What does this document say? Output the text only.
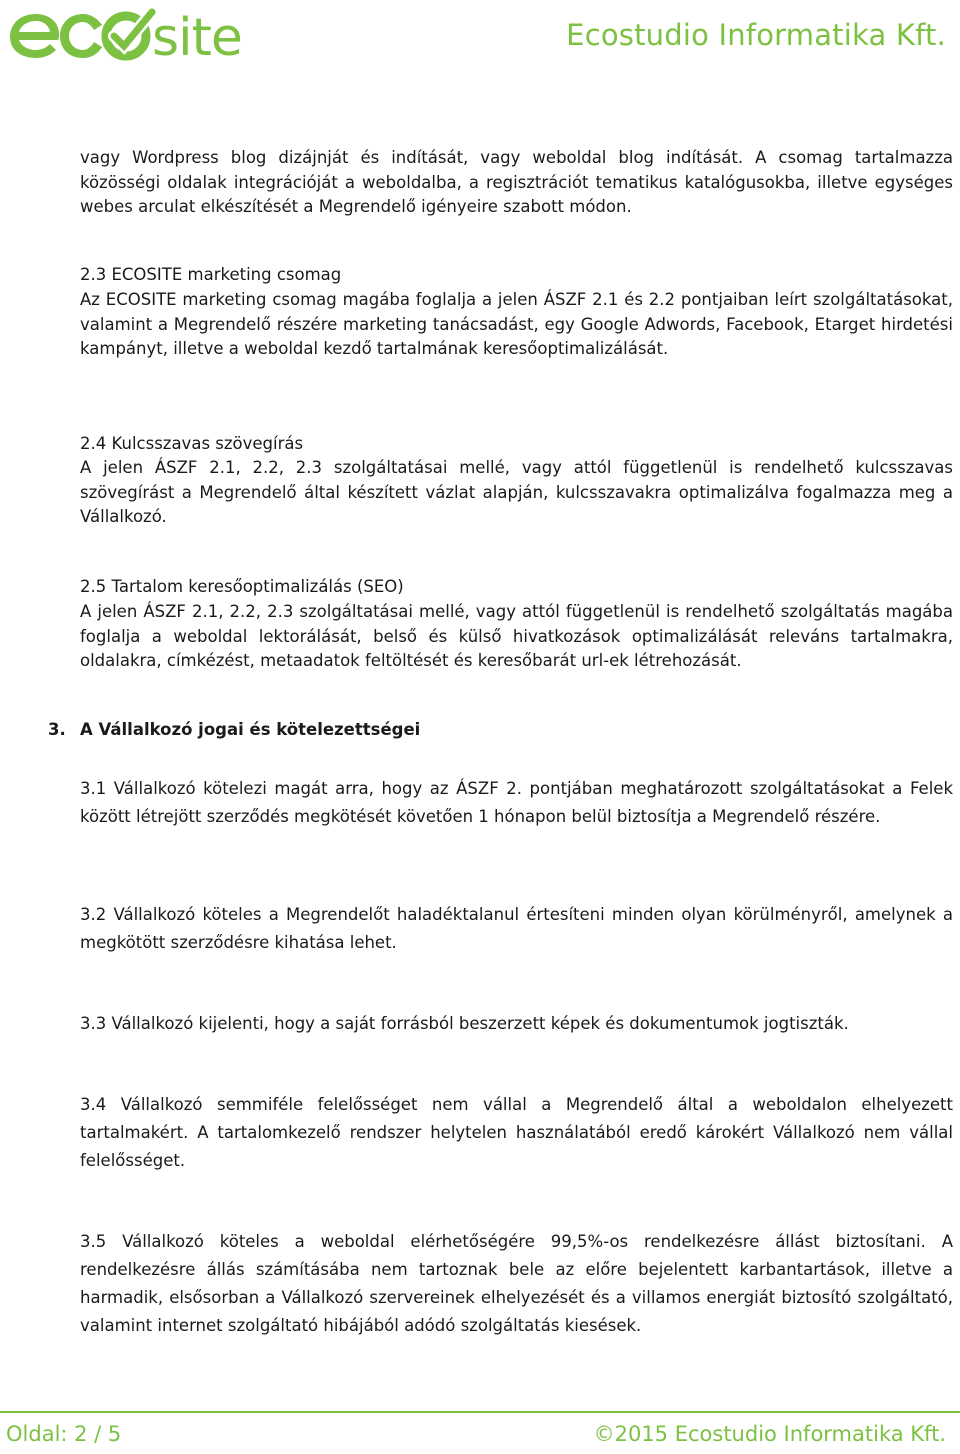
site	Ecostudio Informatika Kft.
vagy Wordpress blog dizájnját és indítását, vagy weboldal blog indítását. A csomag tartalmazza közösségi oldalak integrációját a weboldalba, a regisztrációt tematikus katalógusokba, illetve egységes webes arculat elkészítését a Megrendelő igényeire szabott módon.
2.3 ECOSITE marketing csomag
Az ECOSITE marketing csomag magába foglalja a jelen ÁSZF 2.1 és 2.2 pontjaiban leírt szolgáltatásokat, valamint a Megrendelő részére marketing tanácsadást, egy Google Adwords, Facebook, Etarget hirdetési kampányt, illetve a weboldal kezdő tartalmának keresőoptimalizálását.
2.4 Kulcsszavas szövegírás
A jelen ÁSZF 2.1, 2.2, 2.3 szolgáltatásai mellé, vagy attól függetlenül is rendelhető kulcsszavas szövegírást a Megrendelő által készített vázlat alapján, kulcsszavakra optimalizálva fogalmazza meg a Vállalkozó.
2.5 Tartalom keresőoptimalizálás (SEO)
A jelen ÁSZF 2.1, 2.2, 2.3 szolgáltatásai mellé, vagy attól függetlenül is rendelhető szolgáltatás magába foglalja a weboldal lektorálását, belső és külső hivatkozások optimalizálását releváns tartalmakra, oldalakra, címkézést, metaadatok feltöltését és keresőbarát url-ek létrehozását.
3.1 Vállalkozó kötelezi magát arra, hogy az ÁSZF 2. pontjában meghatározott szolgáltatásokat a Felek között létrejött szerződés megkötését követően 1 hónapon belül biztosítja a Megrendelő részére.
3.2 Vállalkozó köteles a Megrendelőt haladéktalanul értesíteni minden olyan körülményről, amelynek a megkötött szerződésre kihatása lehet.
3.3 Vállalkozó kijelenti, hogy a saját forrásból beszerzett képek és dokumentumok jogtiszták.
3.4 Vállalkozó semmiféle felelősséget nem vállal a Megrendelő által a weboldalon elhelyezett tartalmakért. A tartalomkezelő rendszer helytelen használatából eredő károkért Vállalkozó nem vállal felelősséget.
3.5 Vállalkozó köteles a weboldal elérhetőségére 99,5%-os rendelkezésre állást biztosítani. A rendelkezésre állás számításába nem tartoznak bele az előre bejelentett karbantartások, illetve a harmadik, elsősorban a Vállalkozó szervereinek elhelyezését és a villamos energiát biztosító szolgáltató, valamint internet szolgáltató hibájából adódó szolgáltatás kiesések.
3. A Vállalkozó jogai és kötelezettségei
Oldal: 2 / 5	©2015 Ecostudio Informatika Kft.
